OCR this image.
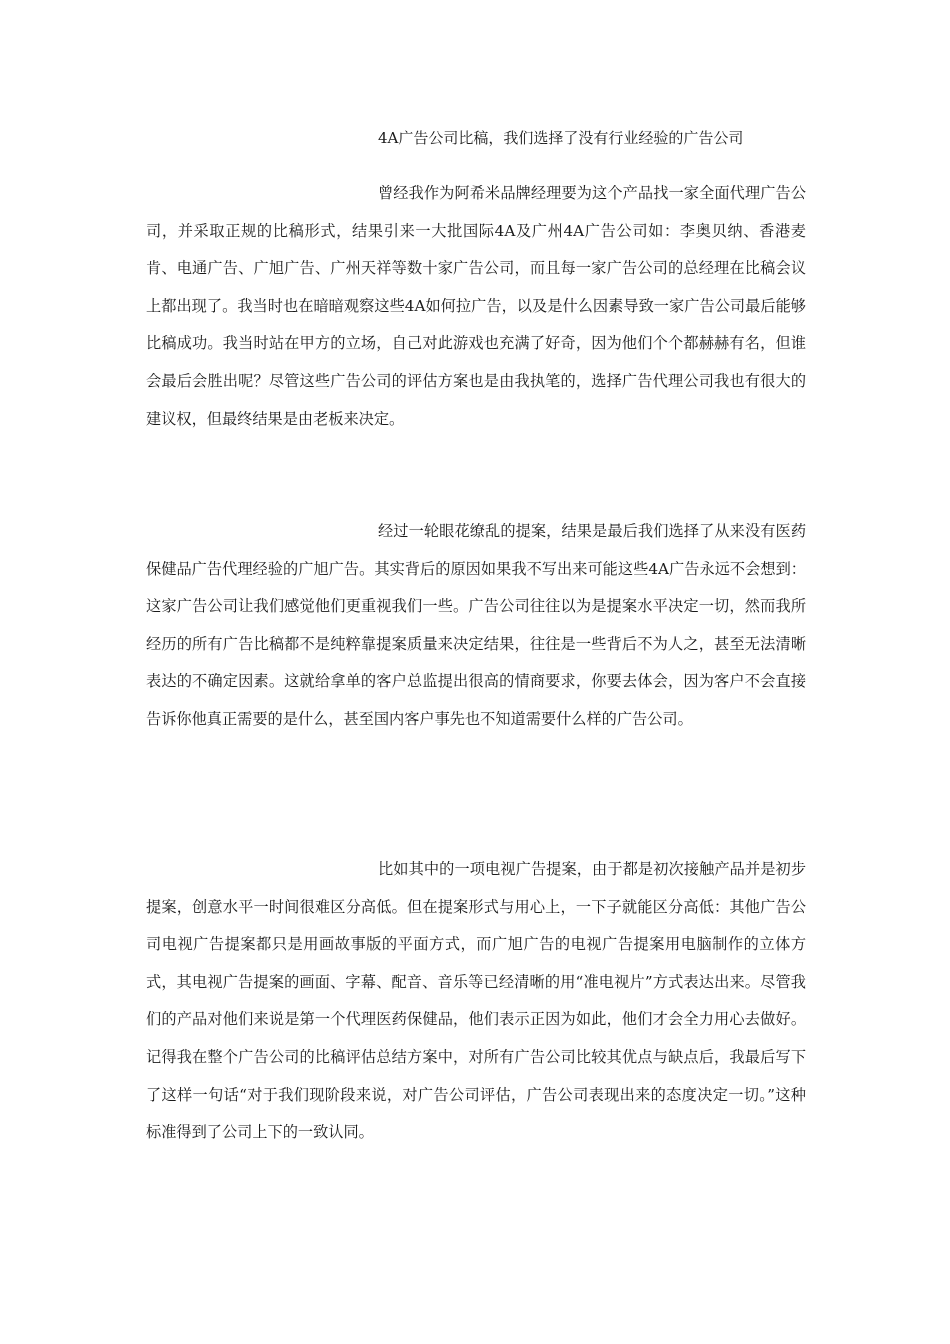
4A广告公司比稿，我们选择了没有行业经验的广告公司

曾经我作为阿希米品牌经理要为这个产品找一家全面代理广告公司，并采取正规的比稿形式，结果引来一大批国际4A及广州4A广告公司如：李奥贝纳、香港麦肯、电通广告、广旭广告、广州天祥等数十家广告公司，而且每一家广告公司的总经理在比稿会议上都出现了。我当时也在暗暗观察这些4A如何拉广告，以及是什么因素导致一家广告公司最后能够比稿成功。我当时站在甲方的立场，自己对此游戏也充满了好奇，因为他们个个都赫赫有名，但谁会最后会胜出呢？尽管这些广告公司的评估方案也是由我执笔的，选择广告代理公司我也有很大的建议权，但最终结果是由老板来决定。

经过一轮眼花缭乱的提案，结果是最后我们选择了从来没有医药保健品广告代理经验的广旭广告。其实背后的原因如果我不写出来可能这些4A广告永远不会想到：这家广告公司让我们感觉他们更重视我们一些。广告公司往往以为是提案水平决定一切，然而我所经历的所有广告比稿都不是纯粹靠提案质量来决定结果，往往是一些背后不为人之，甚至无法清晰表达的不确定因素。这就给拿单的客户总监提出很高的情商要求，你要去体会，因为客户不会直接告诉你他真正需要的是什么，甚至国内客户事先也不知道需要什么样的广告公司。

比如其中的一项电视广告提案，由于都是初次接触产品并是初步提案，创意水平一时间很难区分高低。但在提案形式与用心上，一下子就能区分高低：其他广告公司电视广告提案都只是用画故事版的平面方式，而广旭广告的电视广告提案用电脑制作的立体方式，其电视广告提案的画面、字幕、配音、音乐等已经清晰的用“准电视片”方式表达出来。尽管我们的产品对他们来说是第一个代理医药保健品，他们表示正因为如此，他们才会全力用心去做好。记得我在整个广告公司的比稿评估总结方案中，对所有广告公司比较其优点与缺点后，我最后写下了这样一句话“对于我们现阶段来说，对广告公司评估，广告公司表现出来的态度决定一切。”这种标准得到了公司上下的一致认同。
